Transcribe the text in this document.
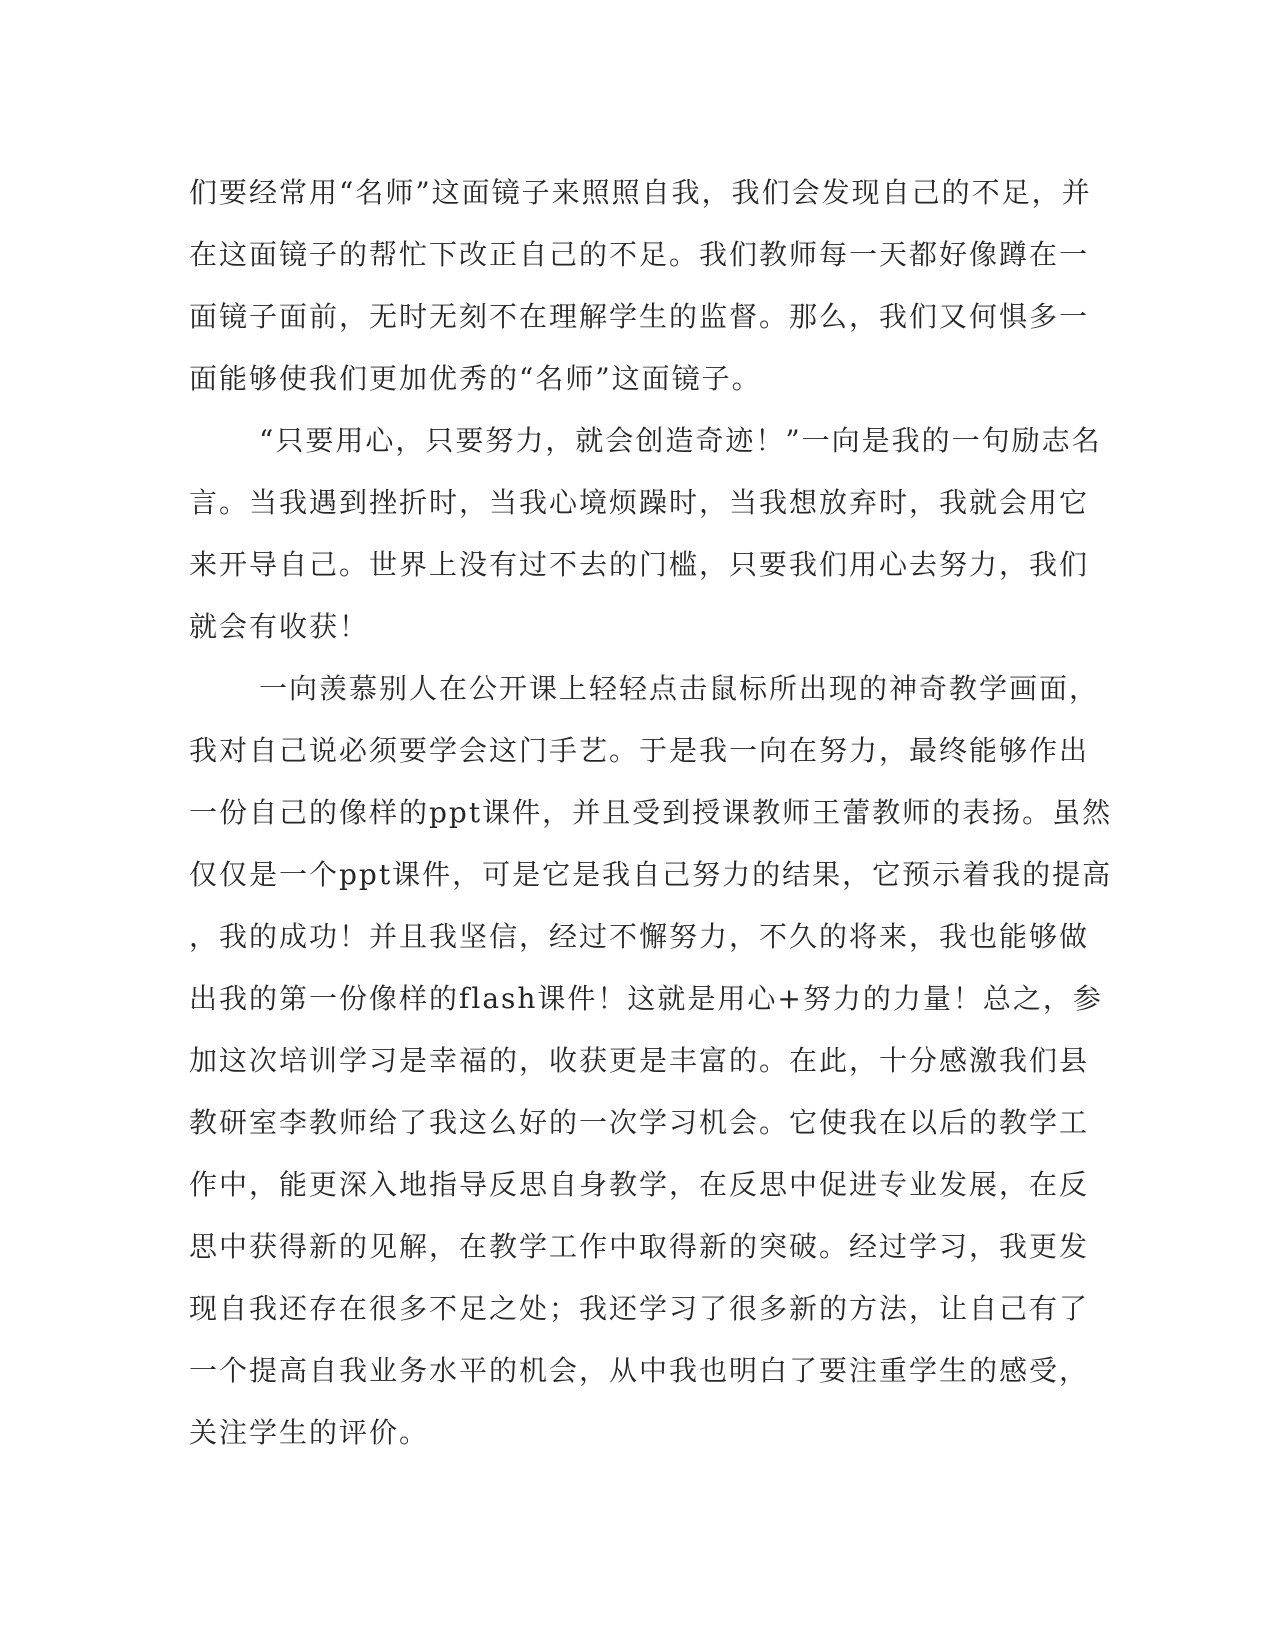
们要经常用“名师”这面镜子来照照自我，我们会发现自己的不足，并
在这面镜子的帮忙下改正自己的不足。我们教师每一天都好像蹲在一
面镜子面前，无时无刻不在理解学生的监督。那么，我们又何惧多一
面能够使我们更加优秀的“名师”这面镜子。
“只要用心，只要努力，就会创造奇迹！”一向是我的一句励志名
言。当我遇到挫折时，当我心境烦躁时，当我想放弃时，我就会用它
来开导自己。世界上没有过不去的门槛，只要我们用心去努力，我们
就会有收获！
一向羡慕别人在公开课上轻轻点击鼠标所出现的神奇教学画面，
我对自己说必须要学会这门手艺。于是我一向在努力，最终能够作出
一份自己的像样的ppt课件，并且受到授课教师王蕾教师的表扬。虽然
仅仅是一个ppt课件，可是它是我自己努力的结果，它预示着我的提高
，我的成功！并且我坚信，经过不懈努力，不久的将来，我也能够做
出我的第一份像样的flash课件！这就是用心+努力的力量！总之，参
加这次培训学习是幸福的，收获更是丰富的。在此，十分感激我们县
教研室李教师给了我这么好的一次学习机会。它使我在以后的教学工
作中，能更深入地指导反思自身教学，在反思中促进专业发展，在反
思中获得新的见解，在教学工作中取得新的突破。经过学习，我更发
现自我还存在很多不足之处；我还学习了很多新的方法，让自己有了
一个提高自我业务水平的机会，从中我也明白了要注重学生的感受，
关注学生的评价。
